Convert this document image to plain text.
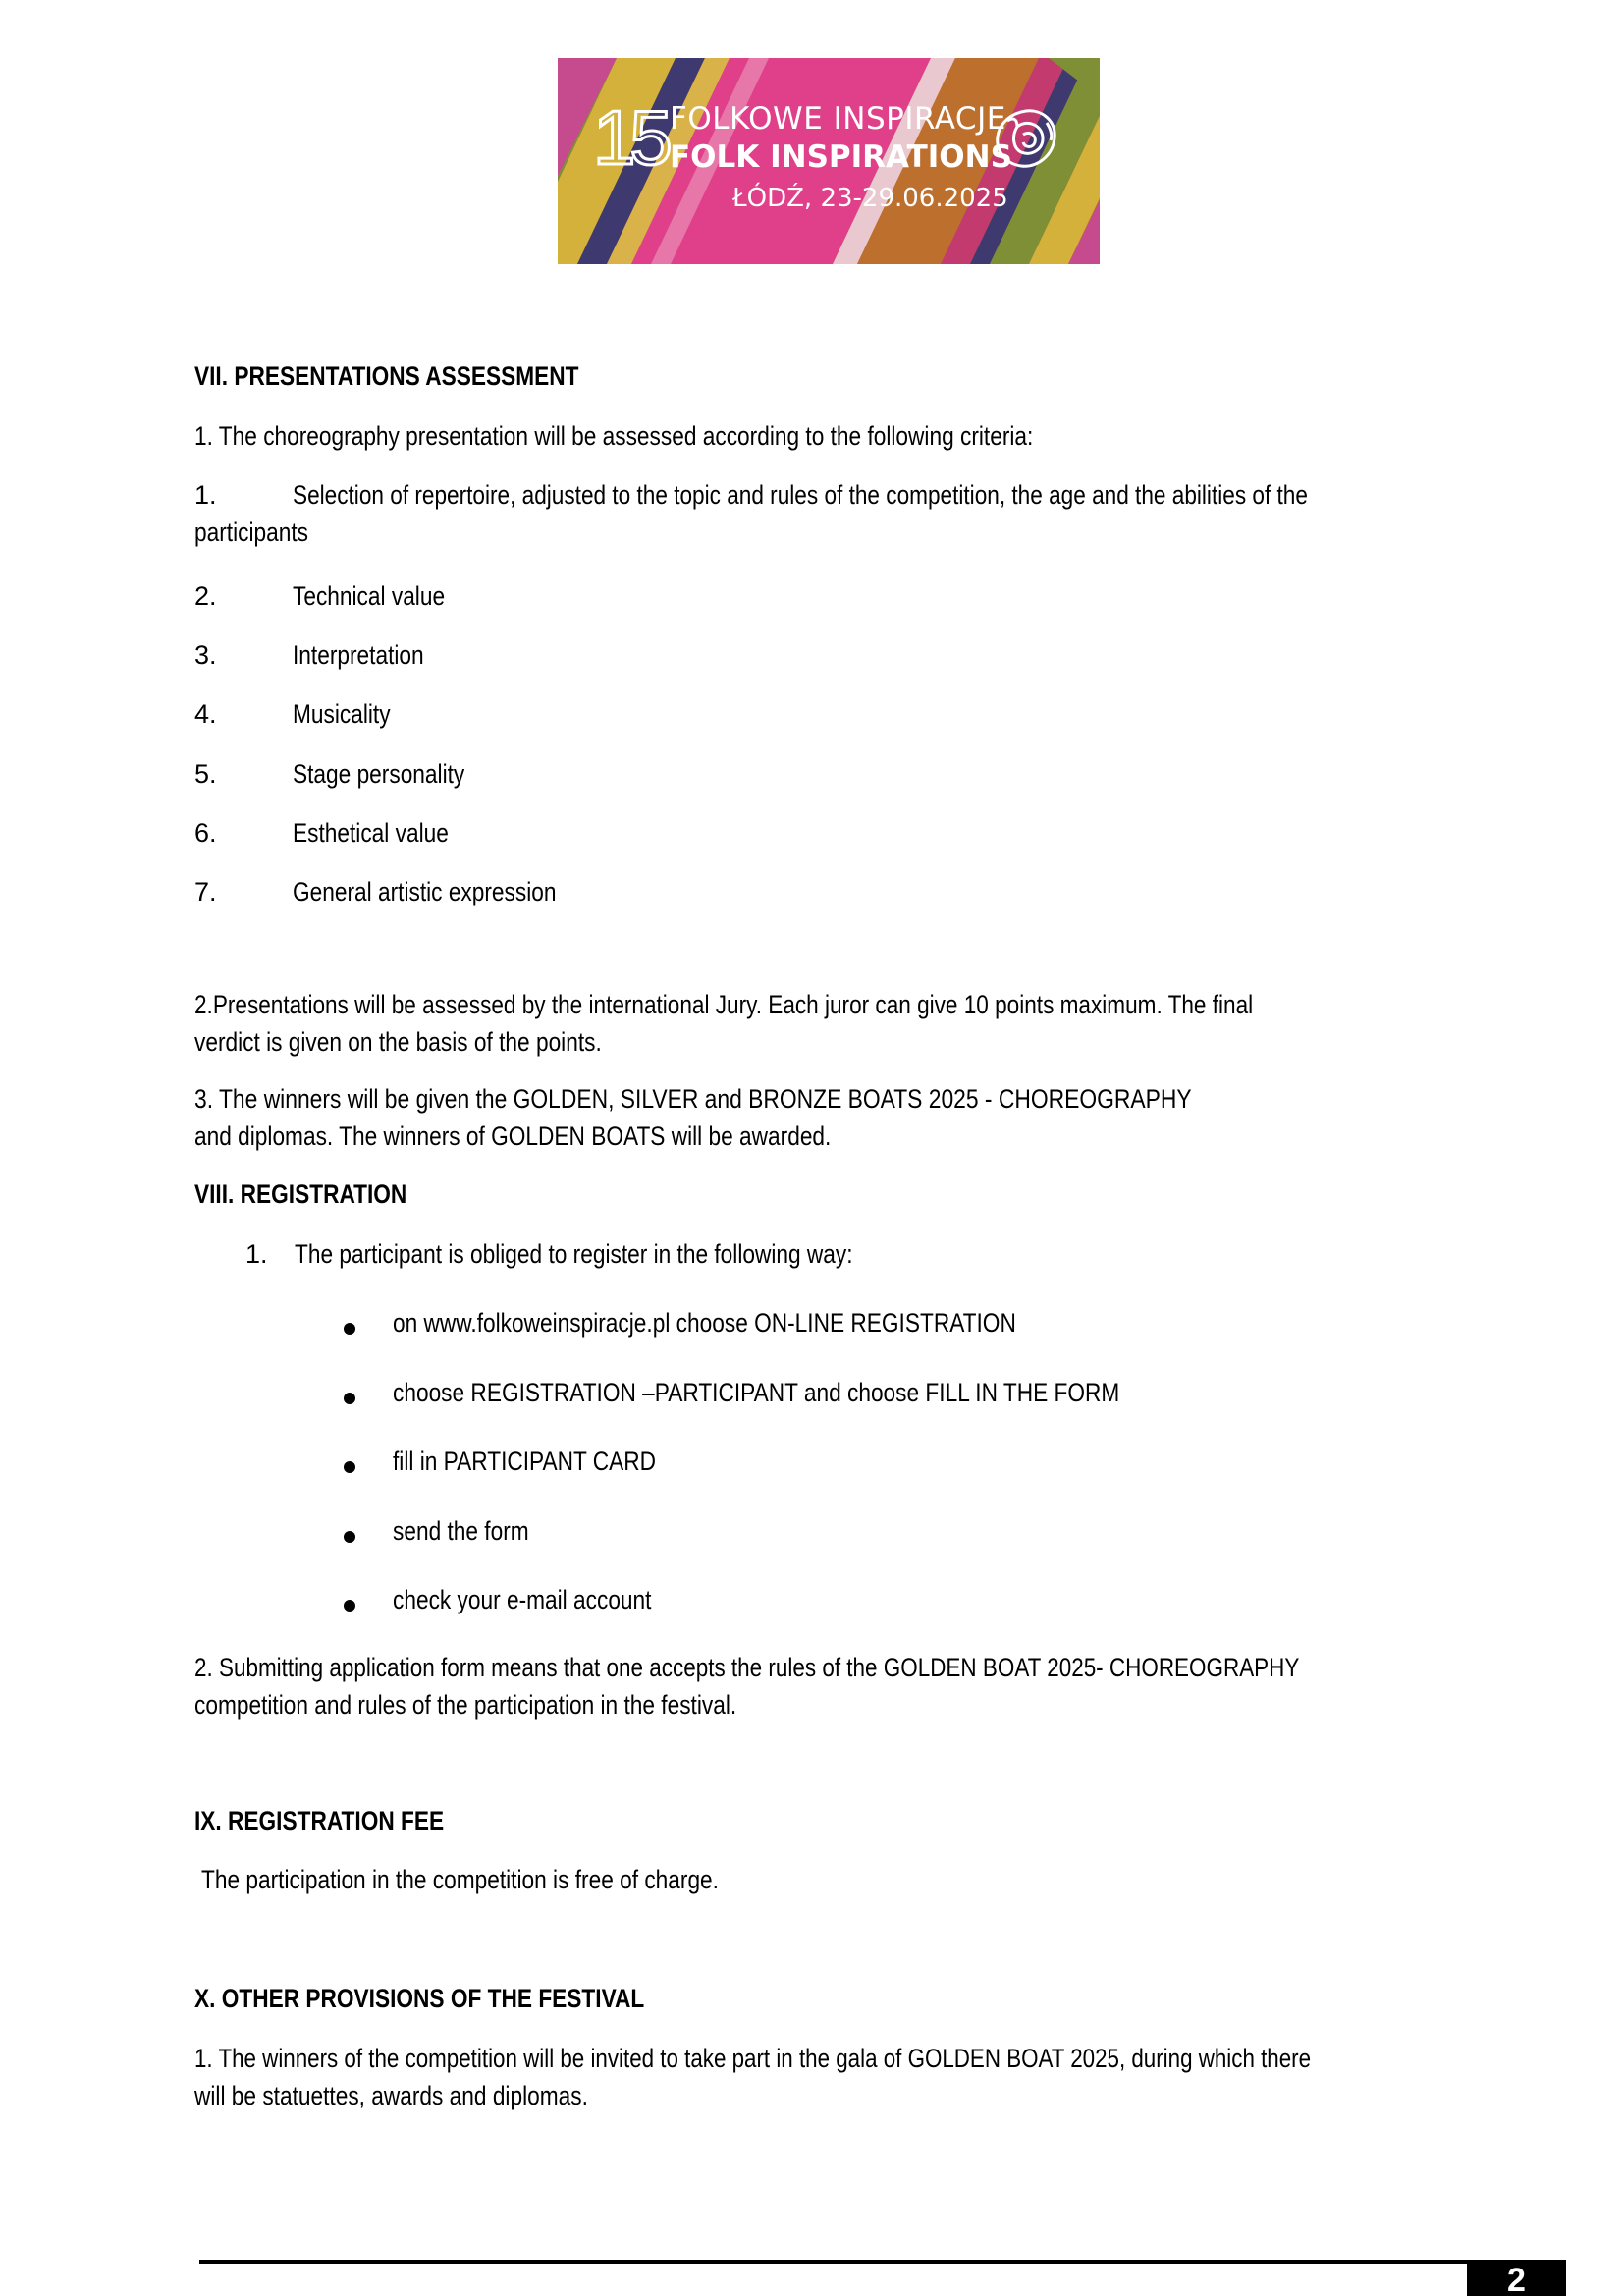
15 FOLKOWE INSPIRACJE
FOLK INSPIRATIONS
ŁÓDŹ, 23-29.06.2025
VII. PRESENTATIONS ASSESSMENT
1. The choreography presentation will be assessed according to the following criteria:
1.	Selection of repertoire, adjusted to the topic and rules of the competition, the age and the abilities of the
participants
2.	Technical value
3.	Interpretation
4.	Musicality
5.	Stage personality
6.	Esthetical value
7.	General artistic expression
2.Presentations will be assessed by the international Jury. Each juror can give 10 points maximum. The final
verdict is given on the basis of the points.
3. The winners will be given the GOLDEN, SILVER and BRONZE BOATS 2025 - CHOREOGRAPHY
and diplomas. The winners of GOLDEN BOATS will be awarded.
VIII. REGISTRATION
1. The participant is obliged to register in the following way:
on www.folkoweinspiracje.pl choose ON-LINE REGISTRATION
choose REGISTRATION –PARTICIPANT and choose FILL IN THE FORM
fill in PARTICIPANT CARD
send the form
check your e-mail account
2. Submitting application form means that one accepts the rules of the GOLDEN BOAT 2025- CHOREOGRAPHY
competition and rules of the participation in the festival.
IX. REGISTRATION FEE
The participation in the competition is free of charge.
X. OTHER PROVISIONS OF THE FESTIVAL
1. The winners of the competition will be invited to take part in the gala of GOLDEN BOAT 2025, during which there
will be statuettes, awards and diplomas.
2
